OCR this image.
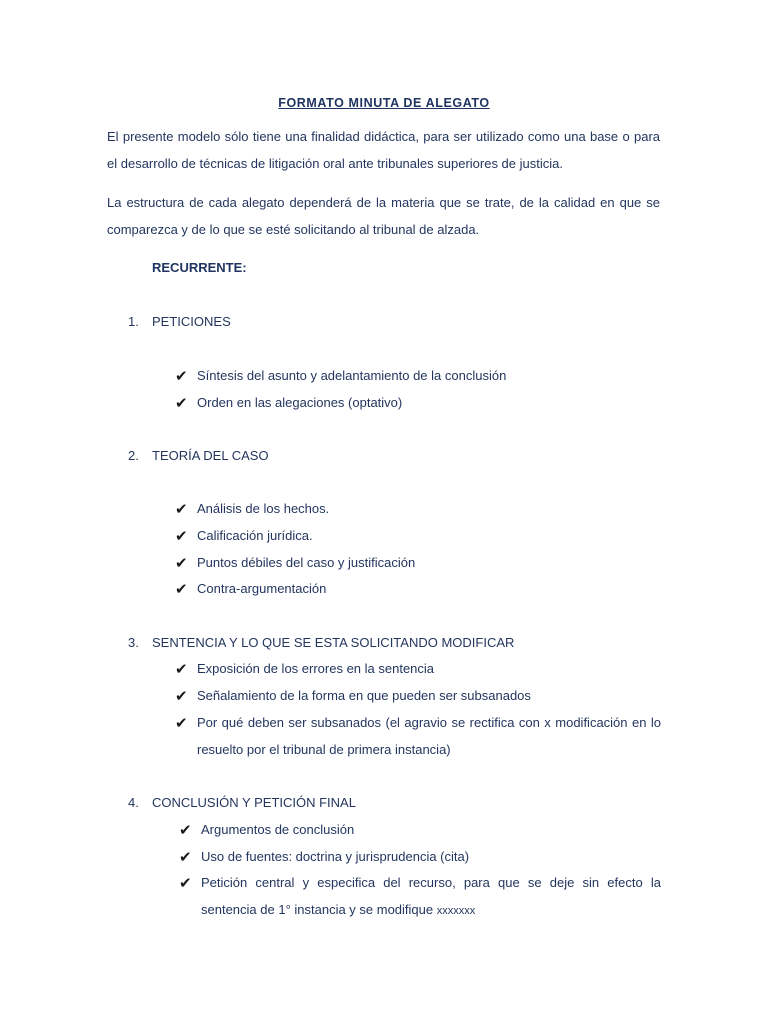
FORMATO MINUTA DE ALEGATO

El presente modelo sólo tiene una finalidad didáctica, para ser utilizado como una base o para el desarrollo de técnicas de litigación oral ante tribunales superiores de justicia.

La estructura de cada alegato dependerá de la materia que se trate, de la calidad en que se comparezca y de lo que se esté solicitando al tribunal de alzada.

RECURRENTE:
1. PETICIONES
✔ Síntesis del asunto y adelantamiento de la conclusión
✔ Orden en las alegaciones (optativo)
2. TEORÍA DEL CASO
✔ Análisis de los hechos.
✔ Calificación jurídica.
✔ Puntos débiles del caso y justificación
✔ Contra-argumentación
3. SENTENCIA Y LO QUE SE ESTA SOLICITANDO MODIFICAR
✔ Exposición de los errores en la sentencia
✔ Señalamiento de la forma en que pueden ser subsanados
✔ Por qué deben ser subsanados (el agravio se rectifica con x modificación en lo resuelto por el tribunal de primera instancia)
4. CONCLUSIÓN Y PETICIÓN FINAL
✔ Argumentos de conclusión
✔ Uso de fuentes: doctrina y jurisprudencia (cita)
✔ Petición central y especifica del recurso, para que se deje sin efecto la sentencia de 1° instancia y se modifique xxxxxxx
